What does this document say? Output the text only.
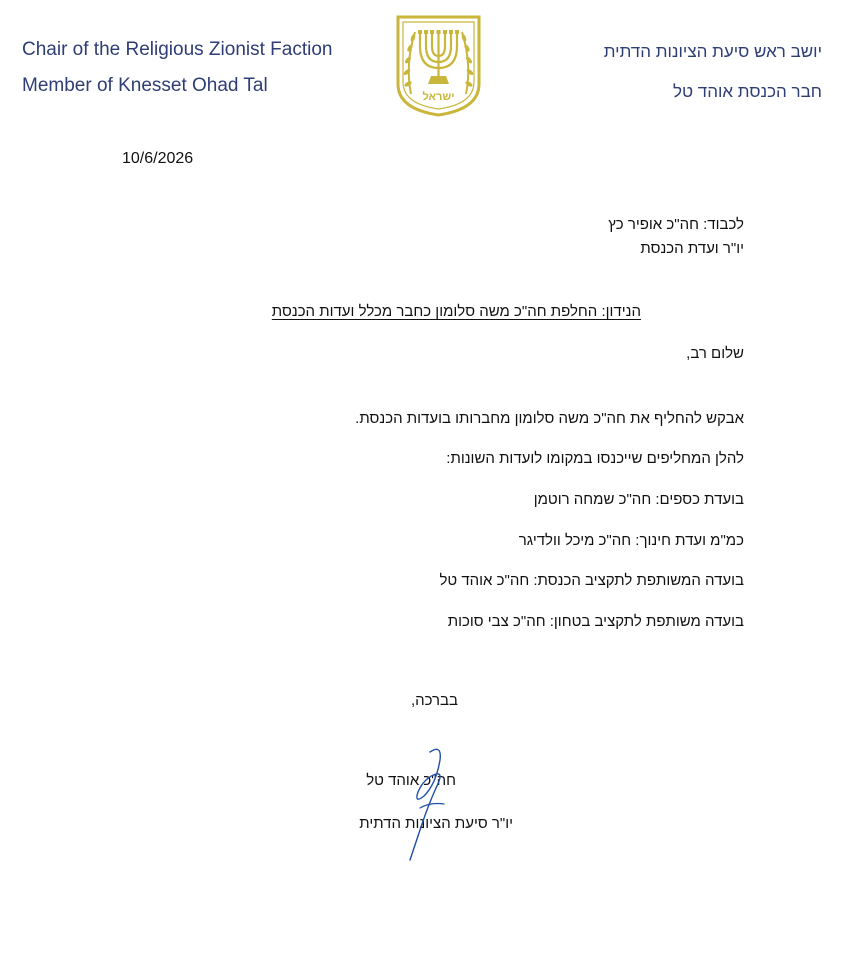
Chair of the Religious Zionist Faction
Member of Knesset Ohad Tal
יושב ראש סיעת הציונות הדתית
חבר הכנסת אוהד טל
ישראל
10/6/2026
לכבוד: חה"כ אופיר כץ
יו"ר ועדת הכנסת
הנידון: החלפת חה"כ משה סלומון כחבר מכלל ועדות הכנסת
שלום רב,
אבקש להחליף את חה"כ משה סלומון מחברותו בועדות הכנסת.
להלן המחליפים שייכנסו במקומו לועדות השונות:
בועדת כספים: חה"כ שמחה רוטמן
כמ"מ ועדת חינוך: חה"כ מיכל וולדיגר
בועדה המשותפת לתקציב הכנסת: חה"כ אוהד טל
בועדה משותפת לתקציב בטחון: חה"כ צבי סוכות
בברכה,
חה"כ אוהד טל
יו"ר סיעת הציונות הדתית
